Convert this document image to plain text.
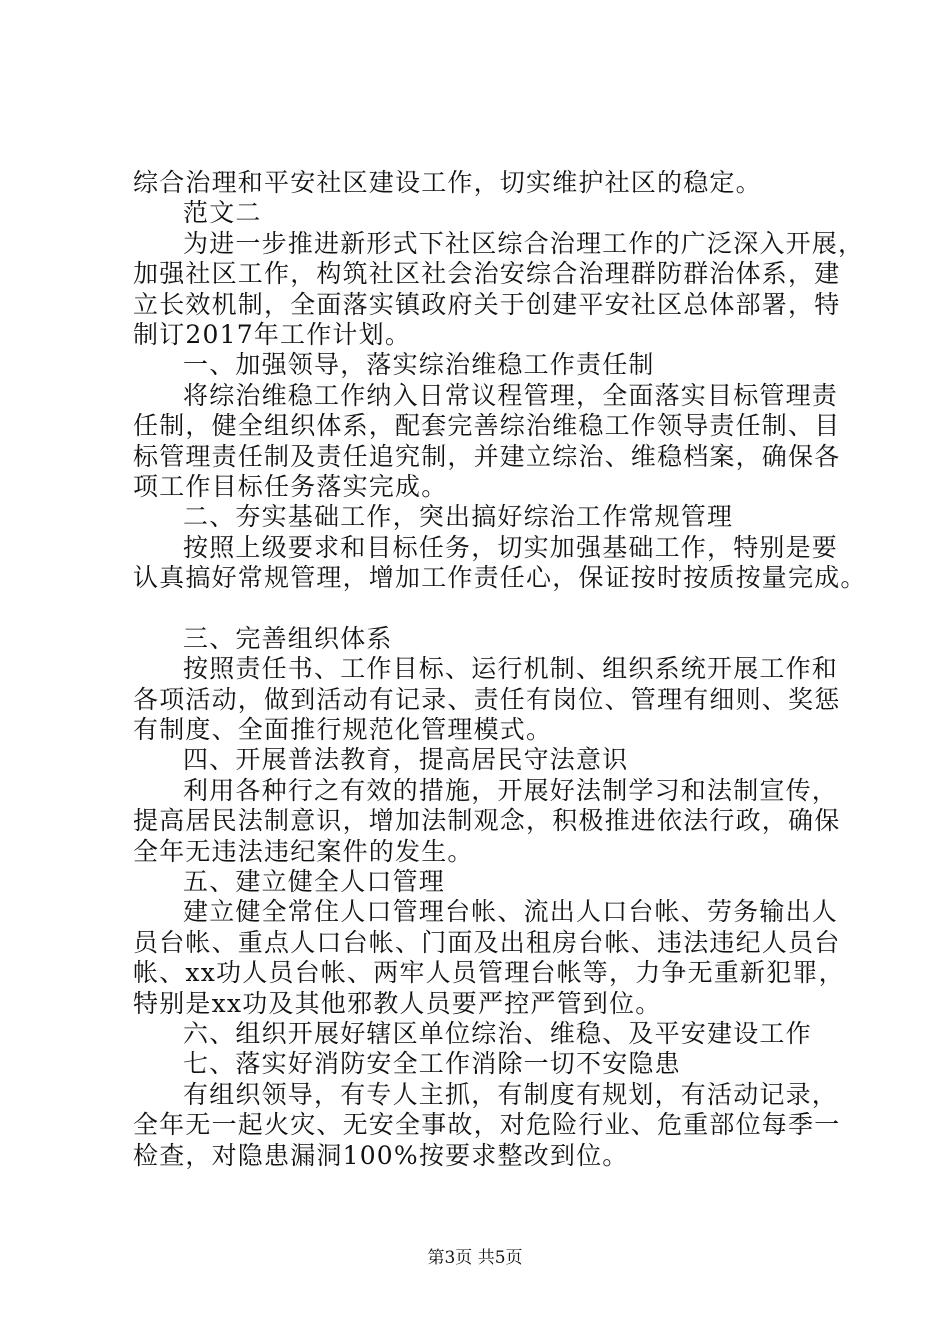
综合治理和平安社区建设工作，切实维护社区的稳定。
范文二
为进一步推进新形式下社区综合治理工作的广泛深入开展，
加强社区工作，构筑社区社会治安综合治理群防群治体系，建
立长效机制，全面落实镇政府关于创建平安社区总体部署，特
制订2017年工作计划。
一、加强领导，落实综治维稳工作责任制
将综治维稳工作纳入日常议程管理，全面落实目标管理责
任制，健全组织体系，配套完善综治维稳工作领导责任制、目
标管理责任制及责任追究制，并建立综治、维稳档案，确保各
项工作目标任务落实完成。
二、夯实基础工作，突出搞好综治工作常规管理
按照上级要求和目标任务，切实加强基础工作，特别是要
认真搞好常规管理，增加工作责任心，保证按时按质按量完成。
三、完善组织体系
按照责任书、工作目标、运行机制、组织系统开展工作和
各项活动，做到活动有记录、责任有岗位、管理有细则、奖惩
有制度、全面推行规范化管理模式。
四、开展普法教育，提高居民守法意识
利用各种行之有效的措施，开展好法制学习和法制宣传，
提高居民法制意识，增加法制观念，积极推进依法行政，确保
全年无违法违纪案件的发生。
五、建立健全人口管理
建立健全常住人口管理台帐、流出人口台帐、劳务输出人
员台帐、重点人口台帐、门面及出租房台帐、违法违纪人员台
帐、xx功人员台帐、两牢人员管理台帐等，力争无重新犯罪，
特别是xx功及其他邪教人员要严控严管到位。
六、组织开展好辖区单位综治、维稳、及平安建设工作
七、落实好消防安全工作消除一切不安隐患
有组织领导，有专人主抓，有制度有规划，有活动记录，
全年无一起火灾、无安全事故，对危险行业、危重部位每季一
检查，对隐患漏洞100%按要求整改到位。
第3页 共5页
